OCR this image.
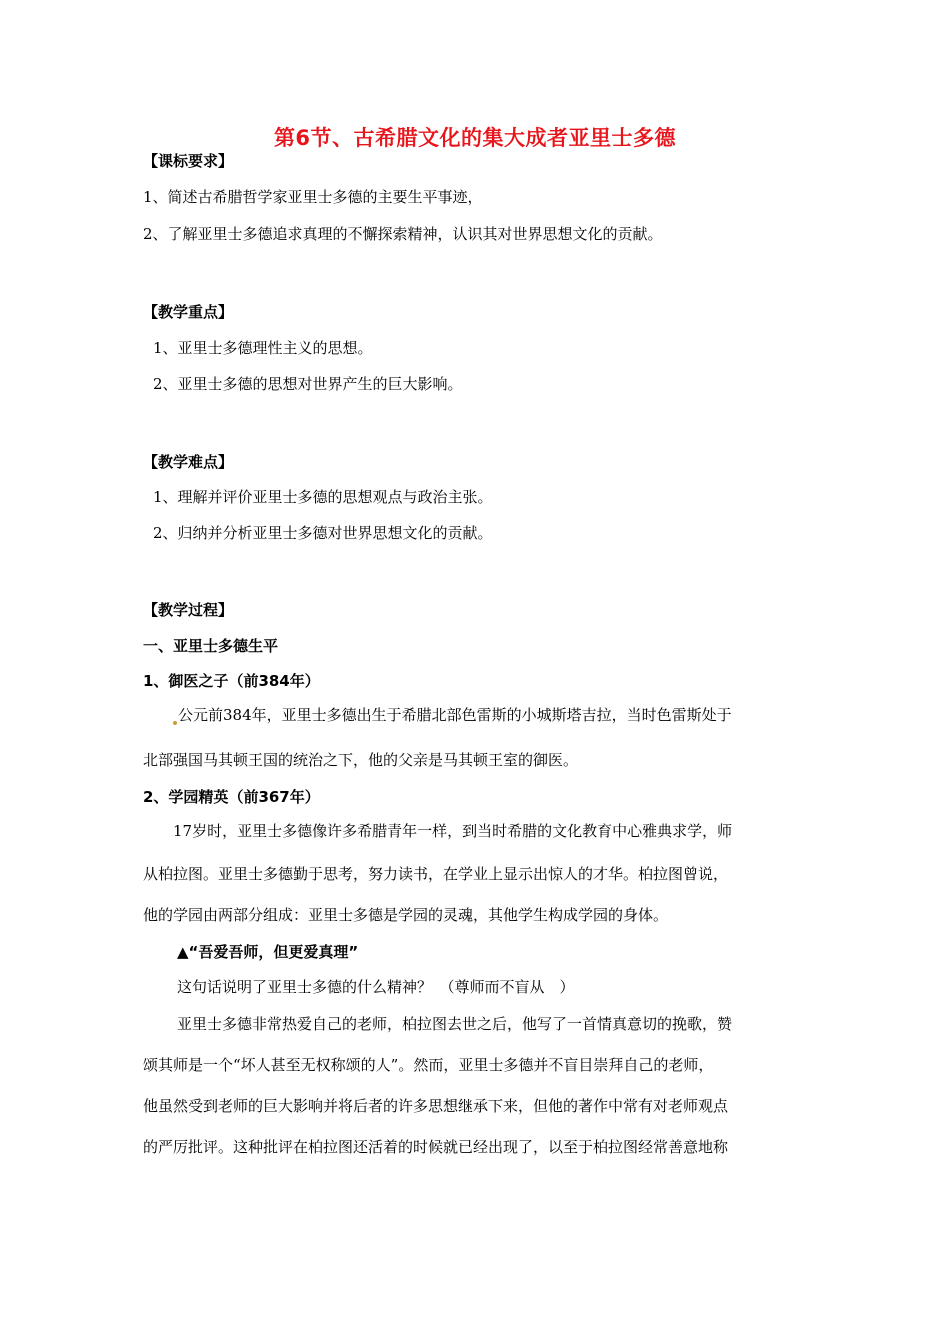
第6节、古希腊文化的集大成者亚里士多德
【课标要求】
1、简述古希腊哲学家亚里士多德的主要生平事迹，
2、了解亚里士多德追求真理的不懈探索精神，认识其对世界思想文化的贡献。
【教学重点】
1、亚里士多德理性主义的思想。
2、亚里士多德的思想对世界产生的巨大影响。
【教学难点】
1、理解并评价亚里士多德的思想观点与政治主张。
2、归纳并分析亚里士多德对世界思想文化的贡献。
【教学过程】
一、亚里士多德生平
1、御医之子（前384年）
公元前384年，亚里士多德出生于希腊北部色雷斯的小城斯塔吉拉，当时色雷斯处于
北部强国马其顿王国的统治之下，他的父亲是马其顿王室的御医。
2、学园精英（前367年）
17岁时，亚里士多德像许多希腊青年一样，到当时希腊的文化教育中心雅典求学，师
从柏拉图。亚里士多德勤于思考，努力读书，在学业上显示出惊人的才华。柏拉图曾说，
他的学园由两部分组成：亚里士多德是学园的灵魂，其他学生构成学园的身体。
▲“吾爱吾师，但更爱真理”
这句话说明了亚里士多德的什么精神？　（尊师而不盲从　）
亚里士多德非常热爱自己的老师，柏拉图去世之后，他写了一首情真意切的挽歌，赞
颂其师是一个“坏人甚至无权称颂的人”。然而，亚里士多德并不盲目崇拜自己的老师，
他虽然受到老师的巨大影响并将后者的许多思想继承下来，但他的著作中常有对老师观点
的严厉批评。这种批评在柏拉图还活着的时候就已经出现了，以至于柏拉图经常善意地称
